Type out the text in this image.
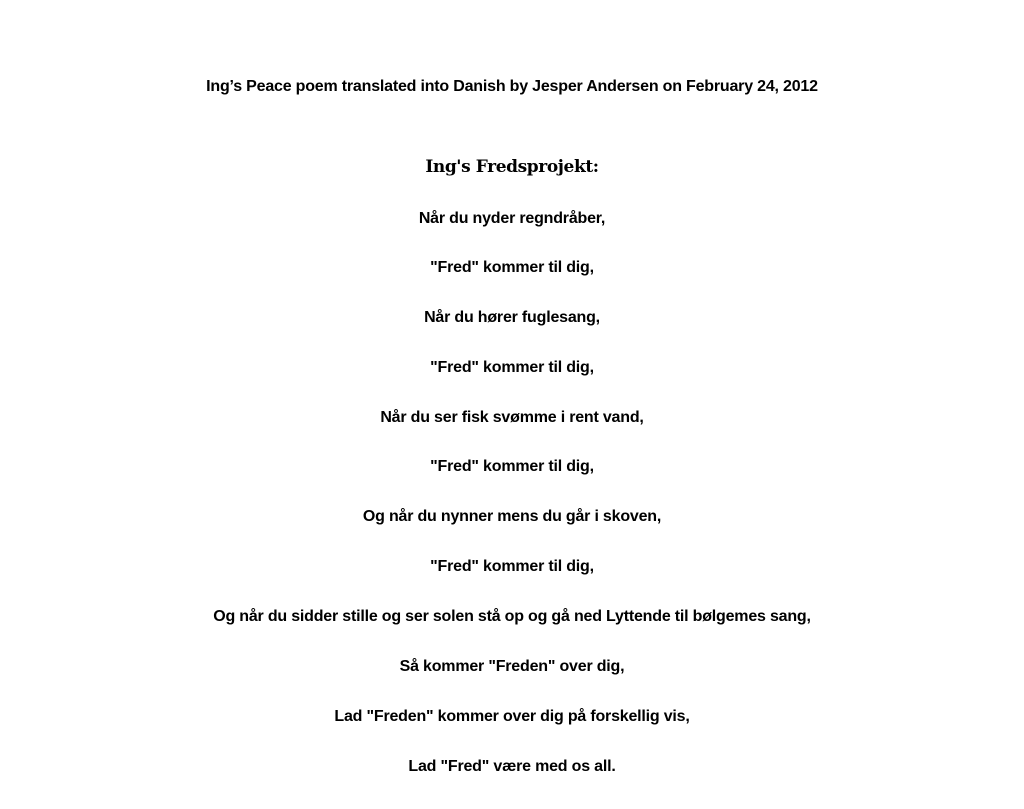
Ing’s Peace poem translated into Danish by Jesper Andersen on February 24, 2012
Ing's Fredsprojekt:
Når du nyder regndråber,
"Fred" kommer til dig,
Når du hører fuglesang,
"Fred" kommer til dig,
Når du ser fisk svømme i rent vand,
"Fred" kommer til dig,
Og når du nynner mens du går i skoven,
"Fred" kommer til dig,
Og når du sidder stille og ser solen stå op og gå ned Lyttende til bølgemes sang,
Så kommer "Freden" over dig,
Lad "Freden" kommer over dig på forskellig vis,
Lad "Fred" være med os all.
